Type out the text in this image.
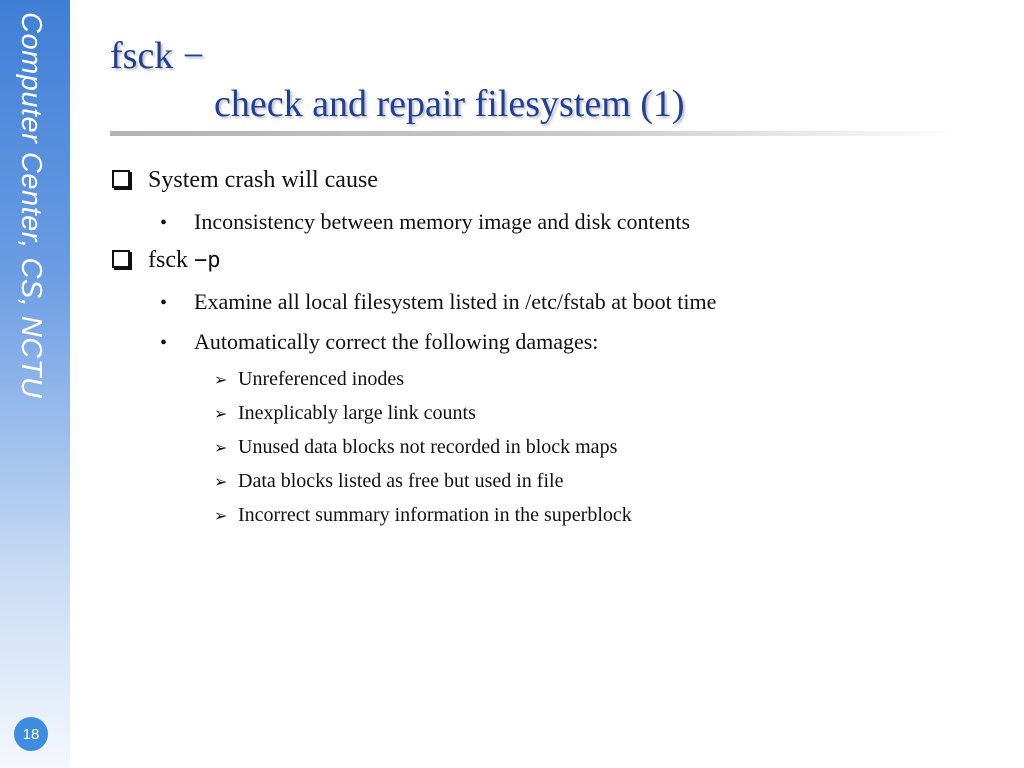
Computer Center, CS, NCTU
18
fsck −
check and repair filesystem (1)
System crash will cause
•	Inconsistency between memory image and disk contents
fsck −p
•	Examine all local filesystem listed in /etc/fstab at boot time
•	Automatically correct the following damages:
➢ Unreferenced inodes
➢ Inexplicably large link counts
➢ Unused data blocks not recorded in block maps
➢ Data blocks listed as free but used in file
➢ Incorrect summary information in the superblock
